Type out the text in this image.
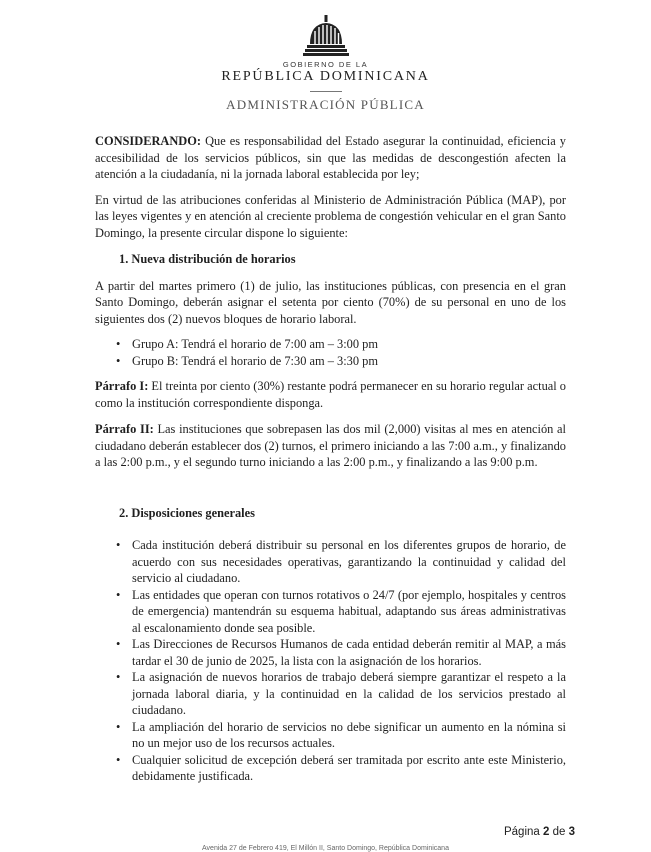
GOBIERNO DE LA
REPÚBLICA DOMINICANA
ADMINISTRACIÓN PÚBLICA

CONSIDERANDO: Que es responsabilidad del Estado asegurar la continuidad, eficiencia y accesibilidad de los servicios públicos, sin que las medidas de descongestión afecten la atención a la ciudadanía, ni la jornada laboral establecida por ley;

En virtud de las atribuciones conferidas al Ministerio de Administración Pública (MAP), por las leyes vigentes y en atención al creciente problema de congestión vehicular en el gran Santo Domingo, la presente circular dispone lo siguiente:

1. Nueva distribución de horarios

A partir del martes primero (1) de julio, las instituciones públicas, con presencia en el gran Santo Domingo, deberán asignar el setenta por ciento (70%) de su personal en uno de los siguientes dos (2) nuevos bloques de horario laboral.

• Grupo A: Tendrá el horario de 7:00 am – 3:00 pm
• Grupo B: Tendrá el horario de 7:30 am – 3:30 pm

Párrafo I: El treinta por ciento (30%) restante podrá permanecer en su horario regular actual o como la institución correspondiente disponga.

Párrafo II: Las instituciones que sobrepasen las dos mil (2,000) visitas al mes en atención al ciudadano deberán establecer dos (2) turnos, el primero iniciando a las 7:00 a.m., y finalizando a las 2:00 p.m., y el segundo turno iniciando a las 2:00 p.m., y finalizando a las 9:00 p.m.

2. Disposiciones generales
• Cada institución deberá distribuir su personal en los diferentes grupos de horario, de acuerdo con sus necesidades operativas, garantizando la continuidad y calidad del servicio al ciudadano.
• Las entidades que operan con turnos rotativos o 24/7 (por ejemplo, hospitales y centros de emergencia) mantendrán su esquema habitual, adaptando sus áreas administrativas al escalonamiento donde sea posible.
• Las Direcciones de Recursos Humanos de cada entidad deberán remitir al MAP, a más tardar el 30 de junio de 2025, la lista con la asignación de los horarios.
• La asignación de nuevos horarios de trabajo deberá siempre garantizar el respeto a la jornada laboral diaria, y la continuidad en la calidad de los servicios prestado al ciudadano.
• La ampliación del horario de servicios no debe significar un aumento en la nómina si no un mejor uso de los recursos actuales.
• Cualquier solicitud de excepción deberá ser tramitada por escrito ante este Ministerio, debidamente justificada.
Página 2 de 3
Avenida 27 de Febrero 419, El Millón II, Santo Domingo, República Dominicana
